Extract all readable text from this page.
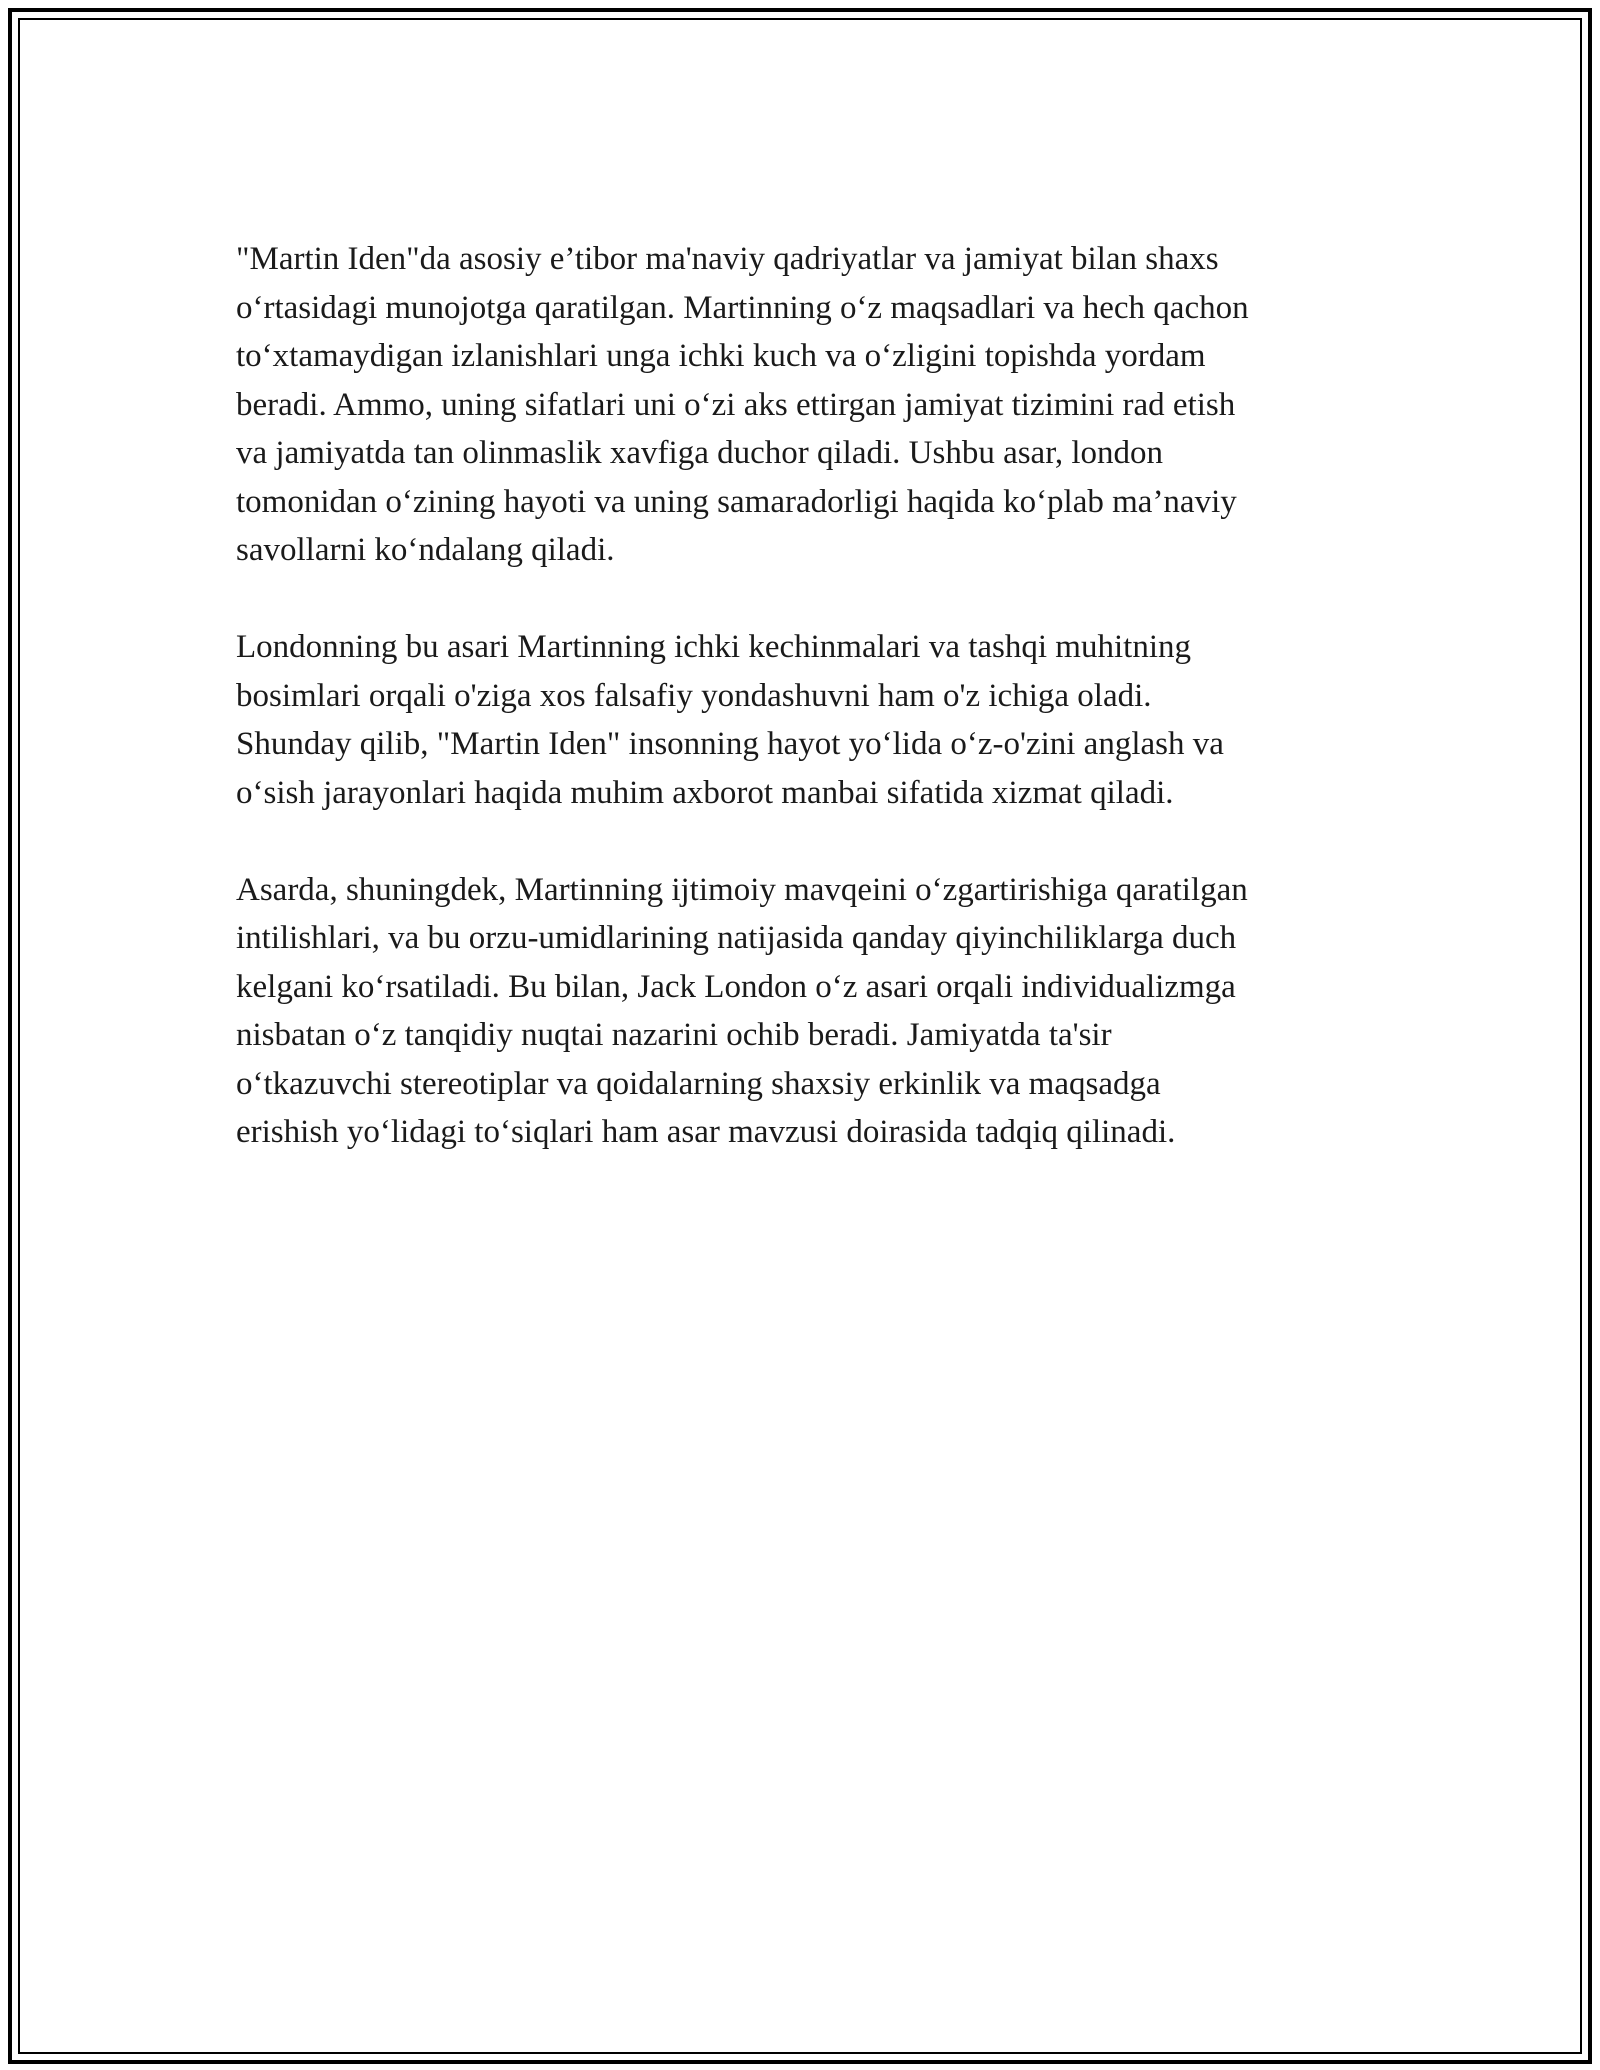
"Martin Iden"da asosiy e’tibor ma'naviy qadriyatlar va jamiyat bilan shaxs
o‘rtasidagi munojotga qaratilgan. Martinning o‘z maqsadlari va hech qachon
to‘xtamaydigan izlanishlari unga ichki kuch va o‘zligini topishda yordam
beradi. Ammo, uning sifatlari uni o‘zi aks ettirgan jamiyat tizimini rad etish
va jamiyatda tan olinmaslik xavfiga duchor qiladi. Ushbu asar, london
tomonidan o‘zining hayoti va uning samaradorligi haqida ko‘plab ma’naviy
savollarni ko‘ndalang qiladi.

Londonning bu asari Martinning ichki kechinmalari va tashqi muhitning
bosimlari orqali o'ziga xos falsafiy yondashuvni ham o'z ichiga oladi.
Shunday qilib, "Martin Iden" insonning hayot yo‘lida o‘z-o'zini anglash va
o‘sish jarayonlari haqida muhim axborot manbai sifatida xizmat qiladi.

Asarda, shuningdek, Martinning ijtimoiy mavqeini o‘zgartirishiga qaratilgan
intilishlari, va bu orzu-umidlarining natijasida qanday qiyinchiliklarga duch
kelgani ko‘rsatiladi. Bu bilan, Jack London o‘z asari orqali individualizmga
nisbatan o‘z tanqidiy nuqtai nazarini ochib beradi. Jamiyatda ta'sir
o‘tkazuvchi stereotiplar va qoidalarning shaxsiy erkinlik va maqsadga
erishish yo‘lidagi to‘siqlari ham asar mavzusi doirasida tadqiq qilinadi.
